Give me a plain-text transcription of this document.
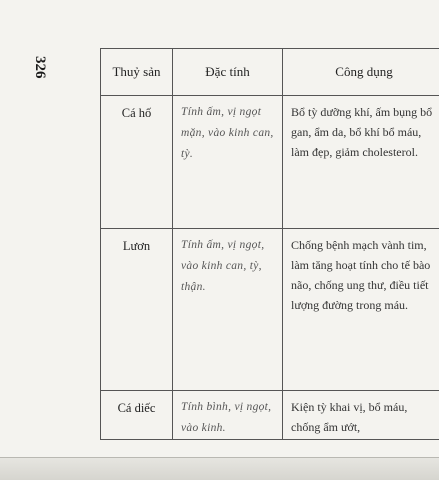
326	Thuỷ sản	Đặc tính	Công dụng
Cá hố	Tính ấm, vị ngọt mặn, vào kinh can, tỳ.	Bổ tỳ dưỡng khí, ấm bụng bổ gan, ẩm da, bổ khí bổ máu, làm đẹp, giảm cholesterol.
Lươn	Tính ấm, vị ngọt, vào kinh can, tỳ, thận.	Chống bệnh mạch vành tim, làm tăng hoạt tính cho tế bào não, chống ung thư, điều tiết lượng đường trong máu.
Cá diếc	Tính bình, vị ngọt, vào kinh.	Kiện tỳ khai vị, bổ máu, chống ẩm ướt,
